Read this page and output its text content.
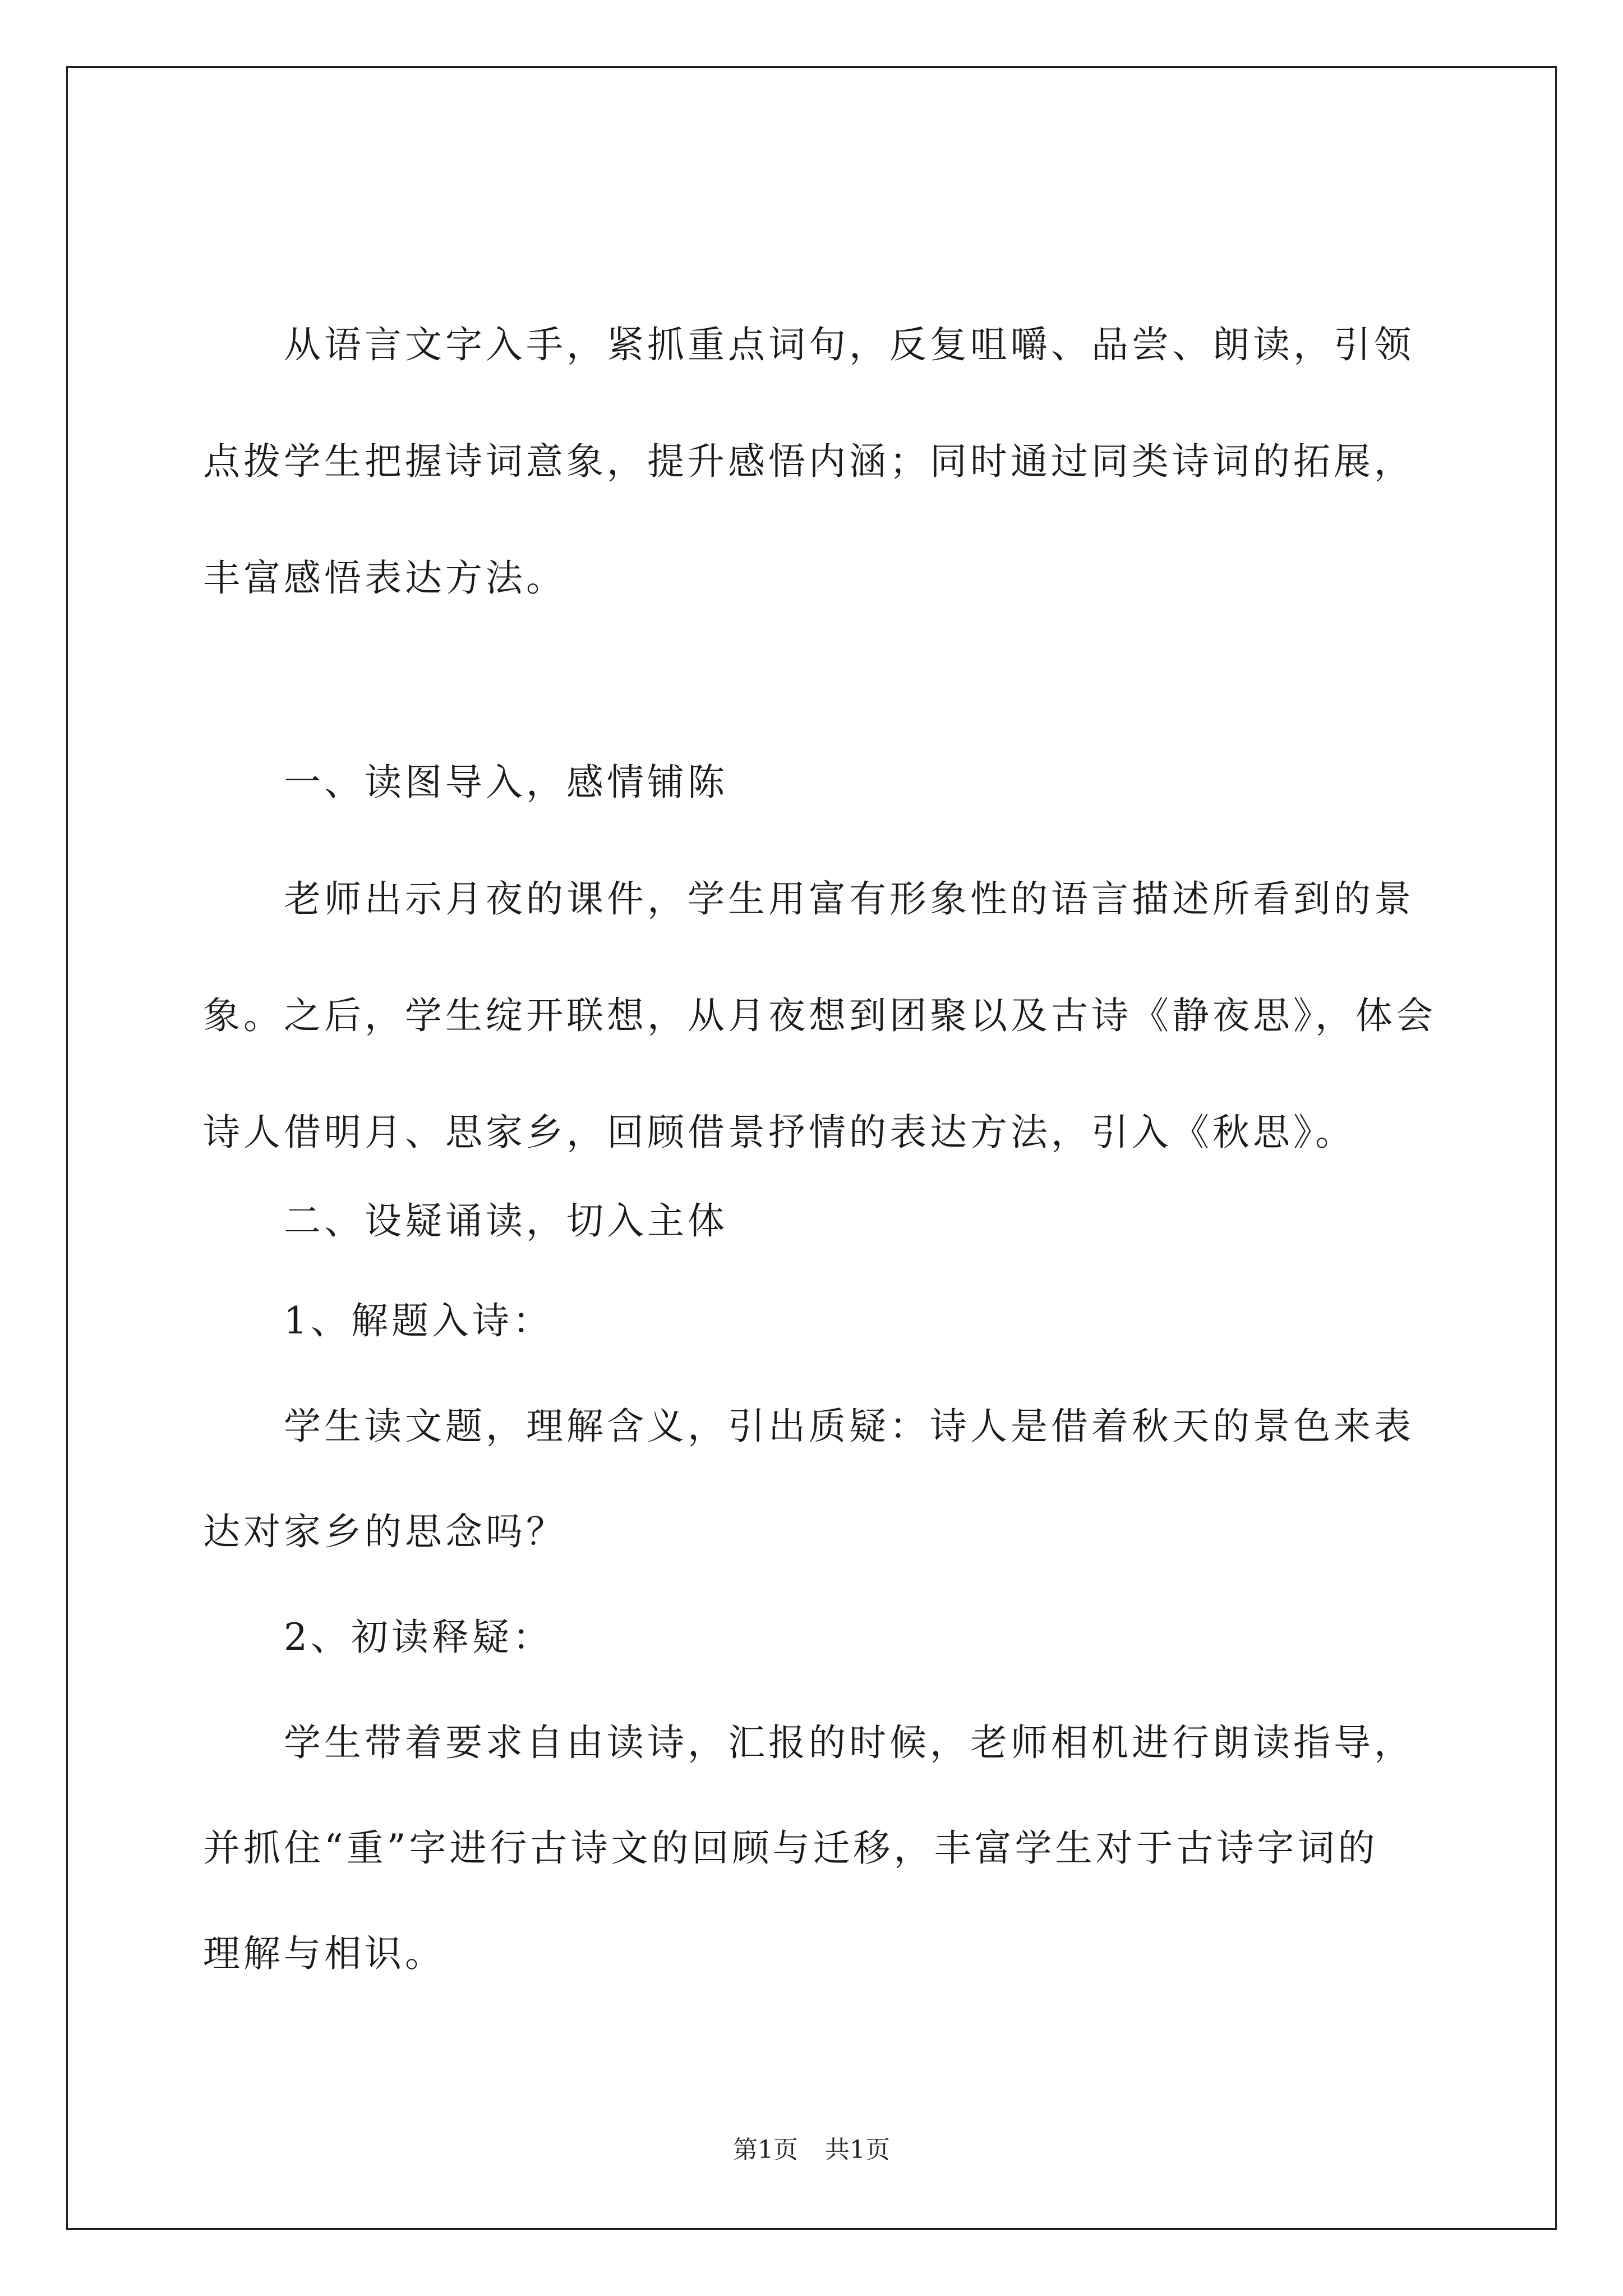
从语言文字入手，紧抓重点词句，反复咀嚼、品尝、朗读，引领
点拨学生把握诗词意象，提升感悟内涵；同时通过同类诗词的拓展，
丰富感悟表达方法。
一、读图导入，感情铺陈
老师出示月夜的课件，学生用富有形象性的语言描述所看到的景
象。之后，学生绽开联想，从月夜想到团聚以及古诗《静夜思》，体会
诗人借明月、思家乡，回顾借景抒情的表达方法，引入《秋思》。
二、设疑诵读，切入主体
1、解题入诗：
学生读文题，理解含义，引出质疑：诗人是借着秋天的景色来表
达对家乡的思念吗？
2、初读释疑：
学生带着要求自由读诗，汇报的时候，老师相机进行朗读指导，
并抓住“重”字进行古诗文的回顾与迁移，丰富学生对于古诗字词的
理解与相识。
第1页 共1页
